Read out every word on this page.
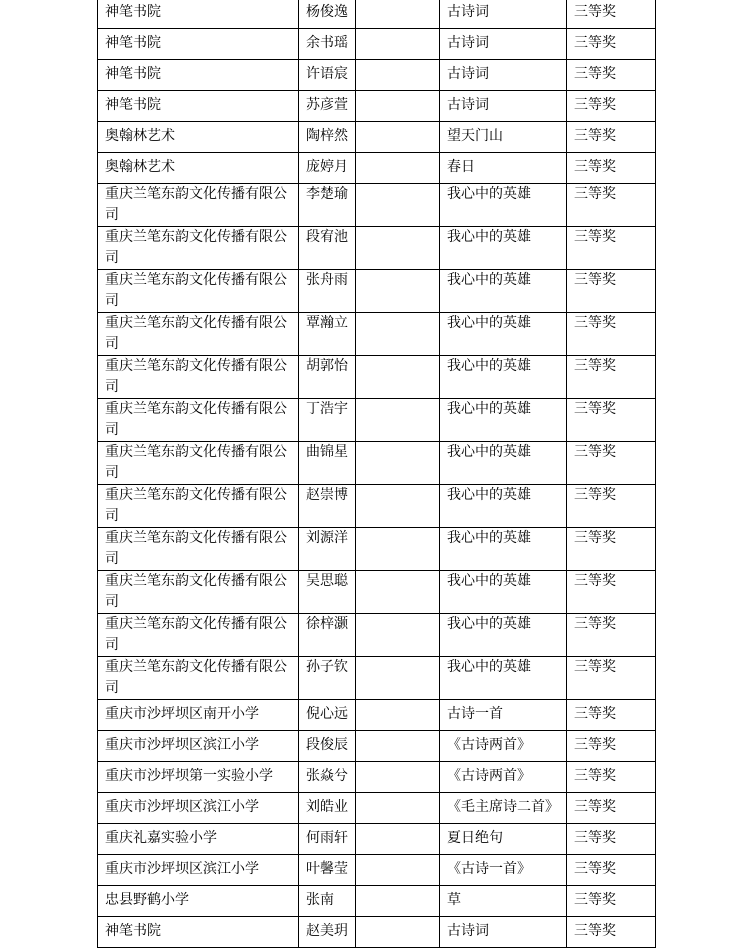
神笔书院	杨俊逸		古诗词	三等奖
神笔书院	余书瑶		古诗词	三等奖
神笔书院	许语宸		古诗词	三等奖
神笔书院	苏彦萱		古诗词	三等奖
奥翰林艺术	陶梓然		望天门山	三等奖
奥翰林艺术	庞婷月		春日	三等奖
重庆兰笔东韵文化传播有限公司	李楚瑜		我心中的英雄	三等奖
重庆兰笔东韵文化传播有限公司	段宥池		我心中的英雄	三等奖
重庆兰笔东韵文化传播有限公司	张舟雨		我心中的英雄	三等奖
重庆兰笔东韵文化传播有限公司	覃瀚立		我心中的英雄	三等奖
重庆兰笔东韵文化传播有限公司	胡郭怡		我心中的英雄	三等奖
重庆兰笔东韵文化传播有限公司	丁浩宇		我心中的英雄	三等奖
重庆兰笔东韵文化传播有限公司	曲锦星		我心中的英雄	三等奖
重庆兰笔东韵文化传播有限公司	赵崇博		我心中的英雄	三等奖
重庆兰笔东韵文化传播有限公司	刘源洋		我心中的英雄	三等奖
重庆兰笔东韵文化传播有限公司	吴思聪		我心中的英雄	三等奖
重庆兰笔东韵文化传播有限公司	徐梓灏		我心中的英雄	三等奖
重庆兰笔东韵文化传播有限公司	孙子钦		我心中的英雄	三等奖
重庆市沙坪坝区南开小学	倪心远		古诗一首	三等奖
重庆市沙坪坝区滨江小学	段俊辰		《古诗两首》	三等奖
重庆市沙坪坝第一实验小学	张焱兮		《古诗两首》	三等奖
重庆市沙坪坝区滨江小学	刘皓业		《毛主席诗二首》	三等奖
重庆礼嘉实验小学	何雨轩		夏日绝句	三等奖
重庆市沙坪坝区滨江小学	叶馨莹		《古诗一首》	三等奖
忠县野鹤小学	张南		草	三等奖
神笔书院	赵美玥		古诗词	三等奖
